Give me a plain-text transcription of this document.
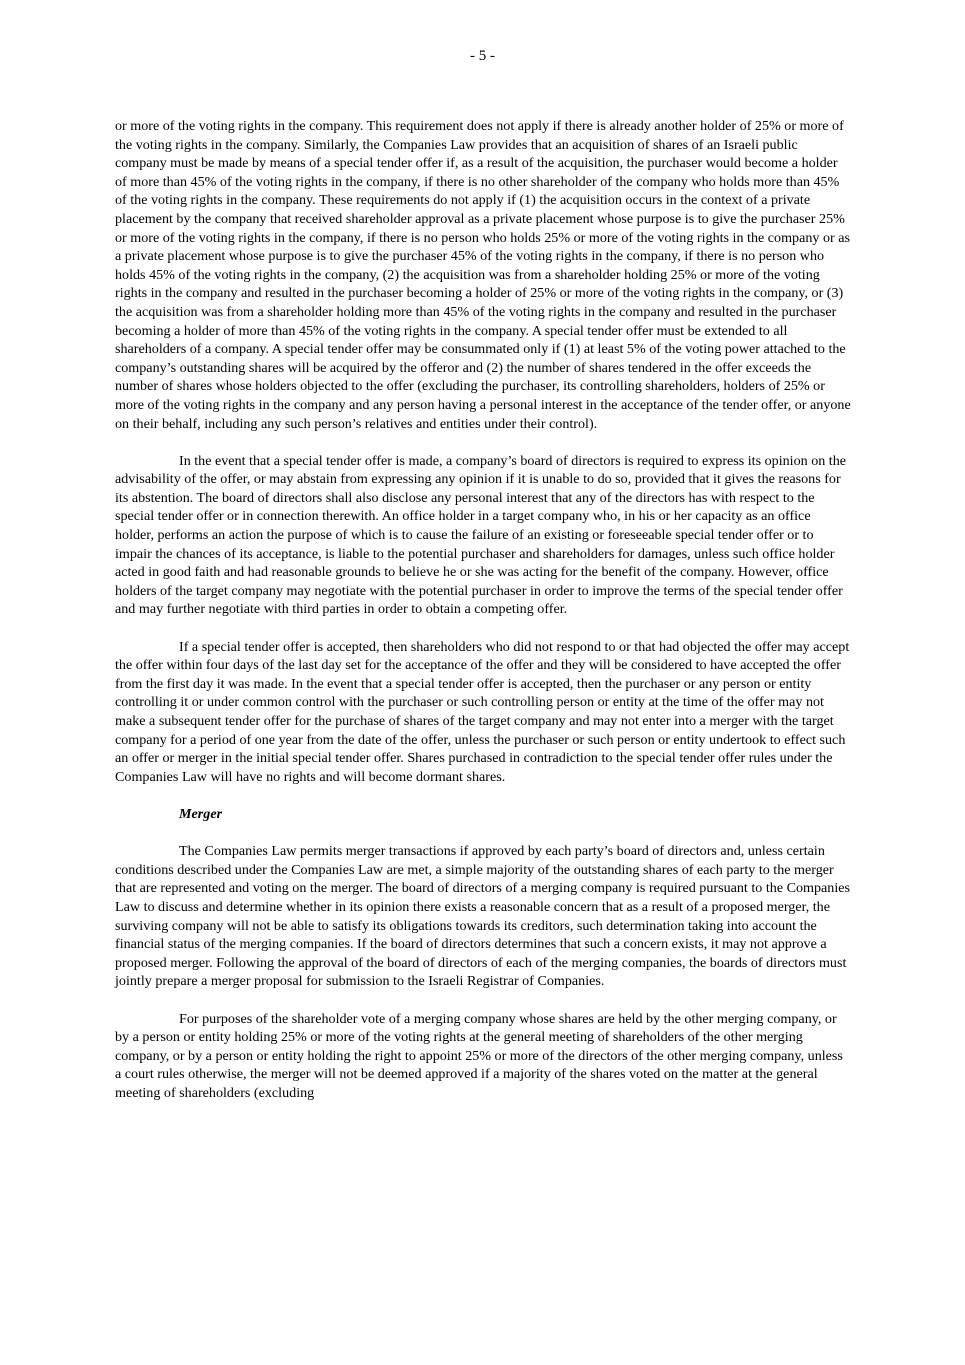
- 5 -

or more of the voting rights in the company. This requirement does not apply if there is already another holder of 25% or more of the voting rights in the company. Similarly, the Companies Law provides that an acquisition of shares of an Israeli public company must be made by means of a special tender offer if, as a result of the acquisition, the purchaser would become a holder of more than 45% of the voting rights in the company, if there is no other shareholder of the company who holds more than 45% of the voting rights in the company. These requirements do not apply if (1) the acquisition occurs in the context of a private placement by the company that received shareholder approval as a private placement whose purpose is to give the purchaser 25% or more of the voting rights in the company, if there is no person who holds 25% or more of the voting rights in the company or as a private placement whose purpose is to give the purchaser 45% of the voting rights in the company, if there is no person who holds 45% of the voting rights in the company, (2) the acquisition was from a shareholder holding 25% or more of the voting rights in the company and resulted in the purchaser becoming a holder of 25% or more of the voting rights in the company, or (3) the acquisition was from a shareholder holding more than 45% of the voting rights in the company and resulted in the purchaser becoming a holder of more than 45% of the voting rights in the company. A special tender offer must be extended to all shareholders of a company. A special tender offer may be consummated only if (1) at least 5% of the voting power attached to the company’s outstanding shares will be acquired by the offeror and (2) the number of shares tendered in the offer exceeds the number of shares whose holders objected to the offer (excluding the purchaser, its controlling shareholders, holders of 25% or more of the voting rights in the company and any person having a personal interest in the acceptance of the tender offer, or anyone on their behalf, including any such person’s relatives and entities under their control).

In the event that a special tender offer is made, a company’s board of directors is required to express its opinion on the advisability of the offer, or may abstain from expressing any opinion if it is unable to do so, provided that it gives the reasons for its abstention. The board of directors shall also disclose any personal interest that any of the directors has with respect to the special tender offer or in connection therewith. An office holder in a target company who, in his or her capacity as an office holder, performs an action the purpose of which is to cause the failure of an existing or foreseeable special tender offer or to impair the chances of its acceptance, is liable to the potential purchaser and shareholders for damages, unless such office holder acted in good faith and had reasonable grounds to believe he or she was acting for the benefit of the company. However, office holders of the target company may negotiate with the potential purchaser in order to improve the terms of the special tender offer and may further negotiate with third parties in order to obtain a competing offer.

If a special tender offer is accepted, then shareholders who did not respond to or that had objected the offer may accept the offer within four days of the last day set for the acceptance of the offer and they will be considered to have accepted the offer from the first day it was made. In the event that a special tender offer is accepted, then the purchaser or any person or entity controlling it or under common control with the purchaser or such controlling person or entity at the time of the offer may not make a subsequent tender offer for the purchase of shares of the target company and may not enter into a merger with the target company for a period of one year from the date of the offer, unless the purchaser or such person or entity undertook to effect such an offer or merger in the initial special tender offer. Shares purchased in contradiction to the special tender offer rules under the Companies Law will have no rights and will become dormant shares.

Merger

The Companies Law permits merger transactions if approved by each party’s board of directors and, unless certain conditions described under the Companies Law are met, a simple majority of the outstanding shares of each party to the merger that are represented and voting on the merger. The board of directors of a merging company is required pursuant to the Companies Law to discuss and determine whether in its opinion there exists a reasonable concern that as a result of a proposed merger, the surviving company will not be able to satisfy its obligations towards its creditors, such determination taking into account the financial status of the merging companies. If the board of directors determines that such a concern exists, it may not approve a proposed merger. Following the approval of the board of directors of each of the merging companies, the boards of directors must jointly prepare a merger proposal for submission to the Israeli Registrar of Companies.

For purposes of the shareholder vote of a merging company whose shares are held by the other merging company, or by a person or entity holding 25% or more of the voting rights at the general meeting of shareholders of the other merging company, or by a person or entity holding the right to appoint 25% or more of the directors of the other merging company, unless a court rules otherwise, the merger will not be deemed approved if a majority of the shares voted on the matter at the general meeting of shareholders (excluding
